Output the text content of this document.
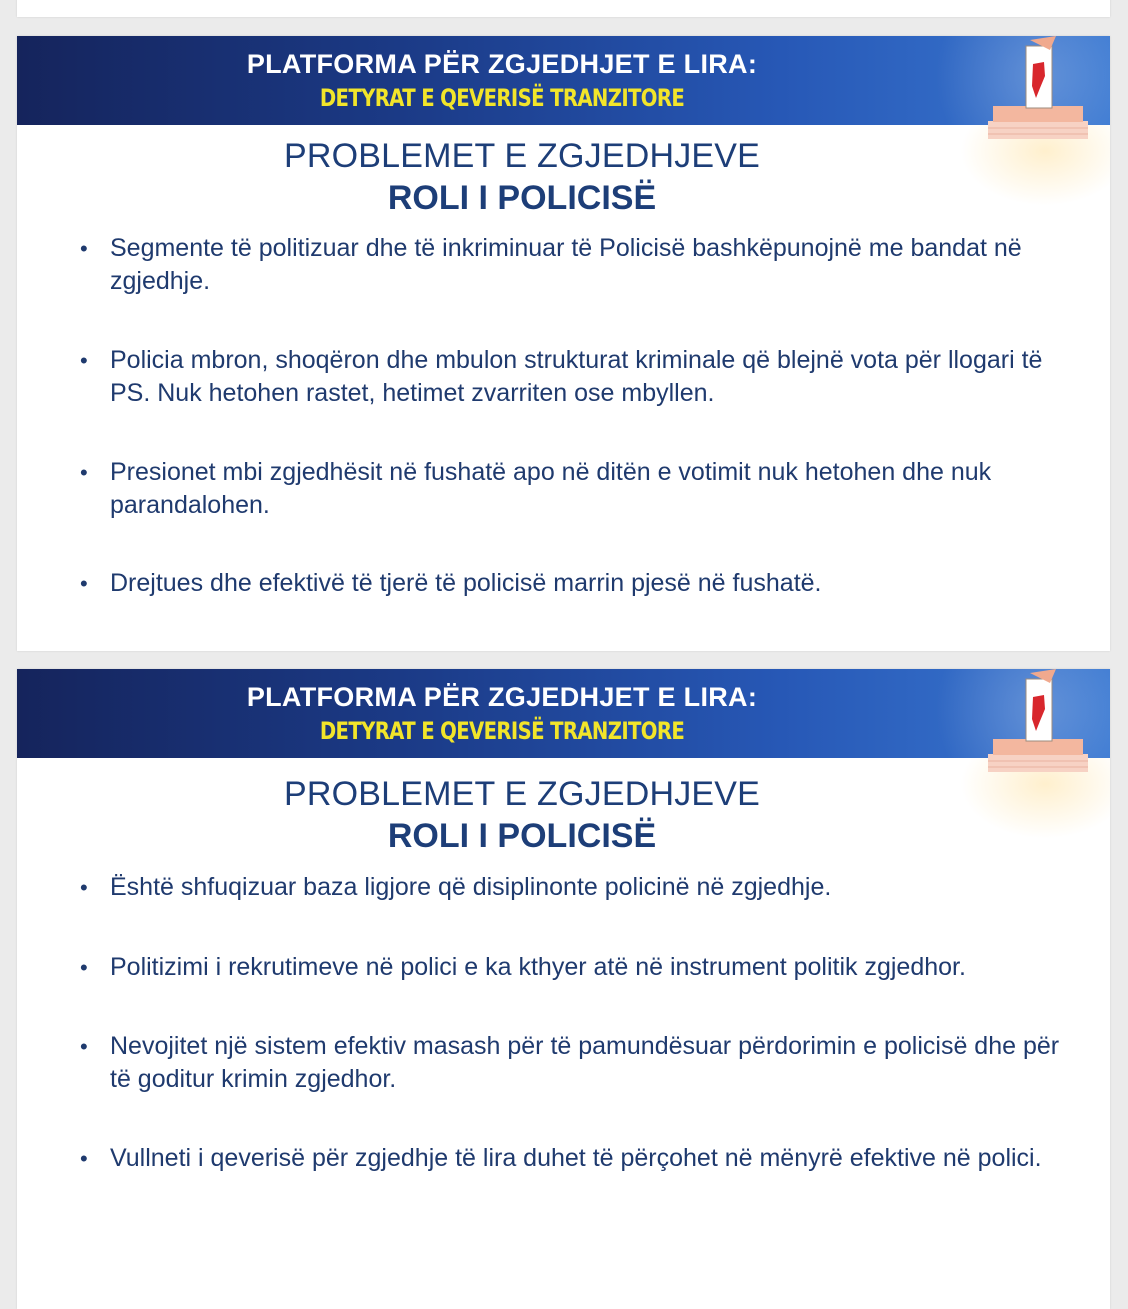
PLATFORMA PËR ZGJEDHJET E LIRA:
DETYRAT E QEVERISË TRANZITORE
PROBLEMET E ZGJEDHJEVE
ROLI I POLICISË
• Segmente të politizuar dhe të inkriminuar të Policisë bashkëpunojnë me bandat në zgjedhje.
• Policia mbron, shoqëron dhe mbulon strukturat kriminale që blejnë vota për llogari të PS. Nuk hetohen rastet, hetimet zvarriten ose mbyllen.
• Presionet mbi zgjedhësit në fushatë apo në ditën e votimit nuk hetohen dhe nuk parandalohen.
• Drejtues dhe efektivë të tjerë të policisë marrin pjesë në fushatë.
PLATFORMA PËR ZGJEDHJET E LIRA:
DETYRAT E QEVERISË TRANZITORE
PROBLEMET E ZGJEDHJEVE
ROLI I POLICISË
• Është shfuqizuar baza ligjore që disiplinonte policinë në zgjedhje.
• Politizimi i rekrutimeve në polici e ka kthyer atë në instrument politik zgjedhor.
• Nevojitet një sistem efektiv masash për të pamundësuar përdorimin e policisë dhe për të goditur krimin zgjedhor.
• Vullneti i qeverisë për zgjedhje të lira duhet të përçohet në mënyrë efektive në polici.
